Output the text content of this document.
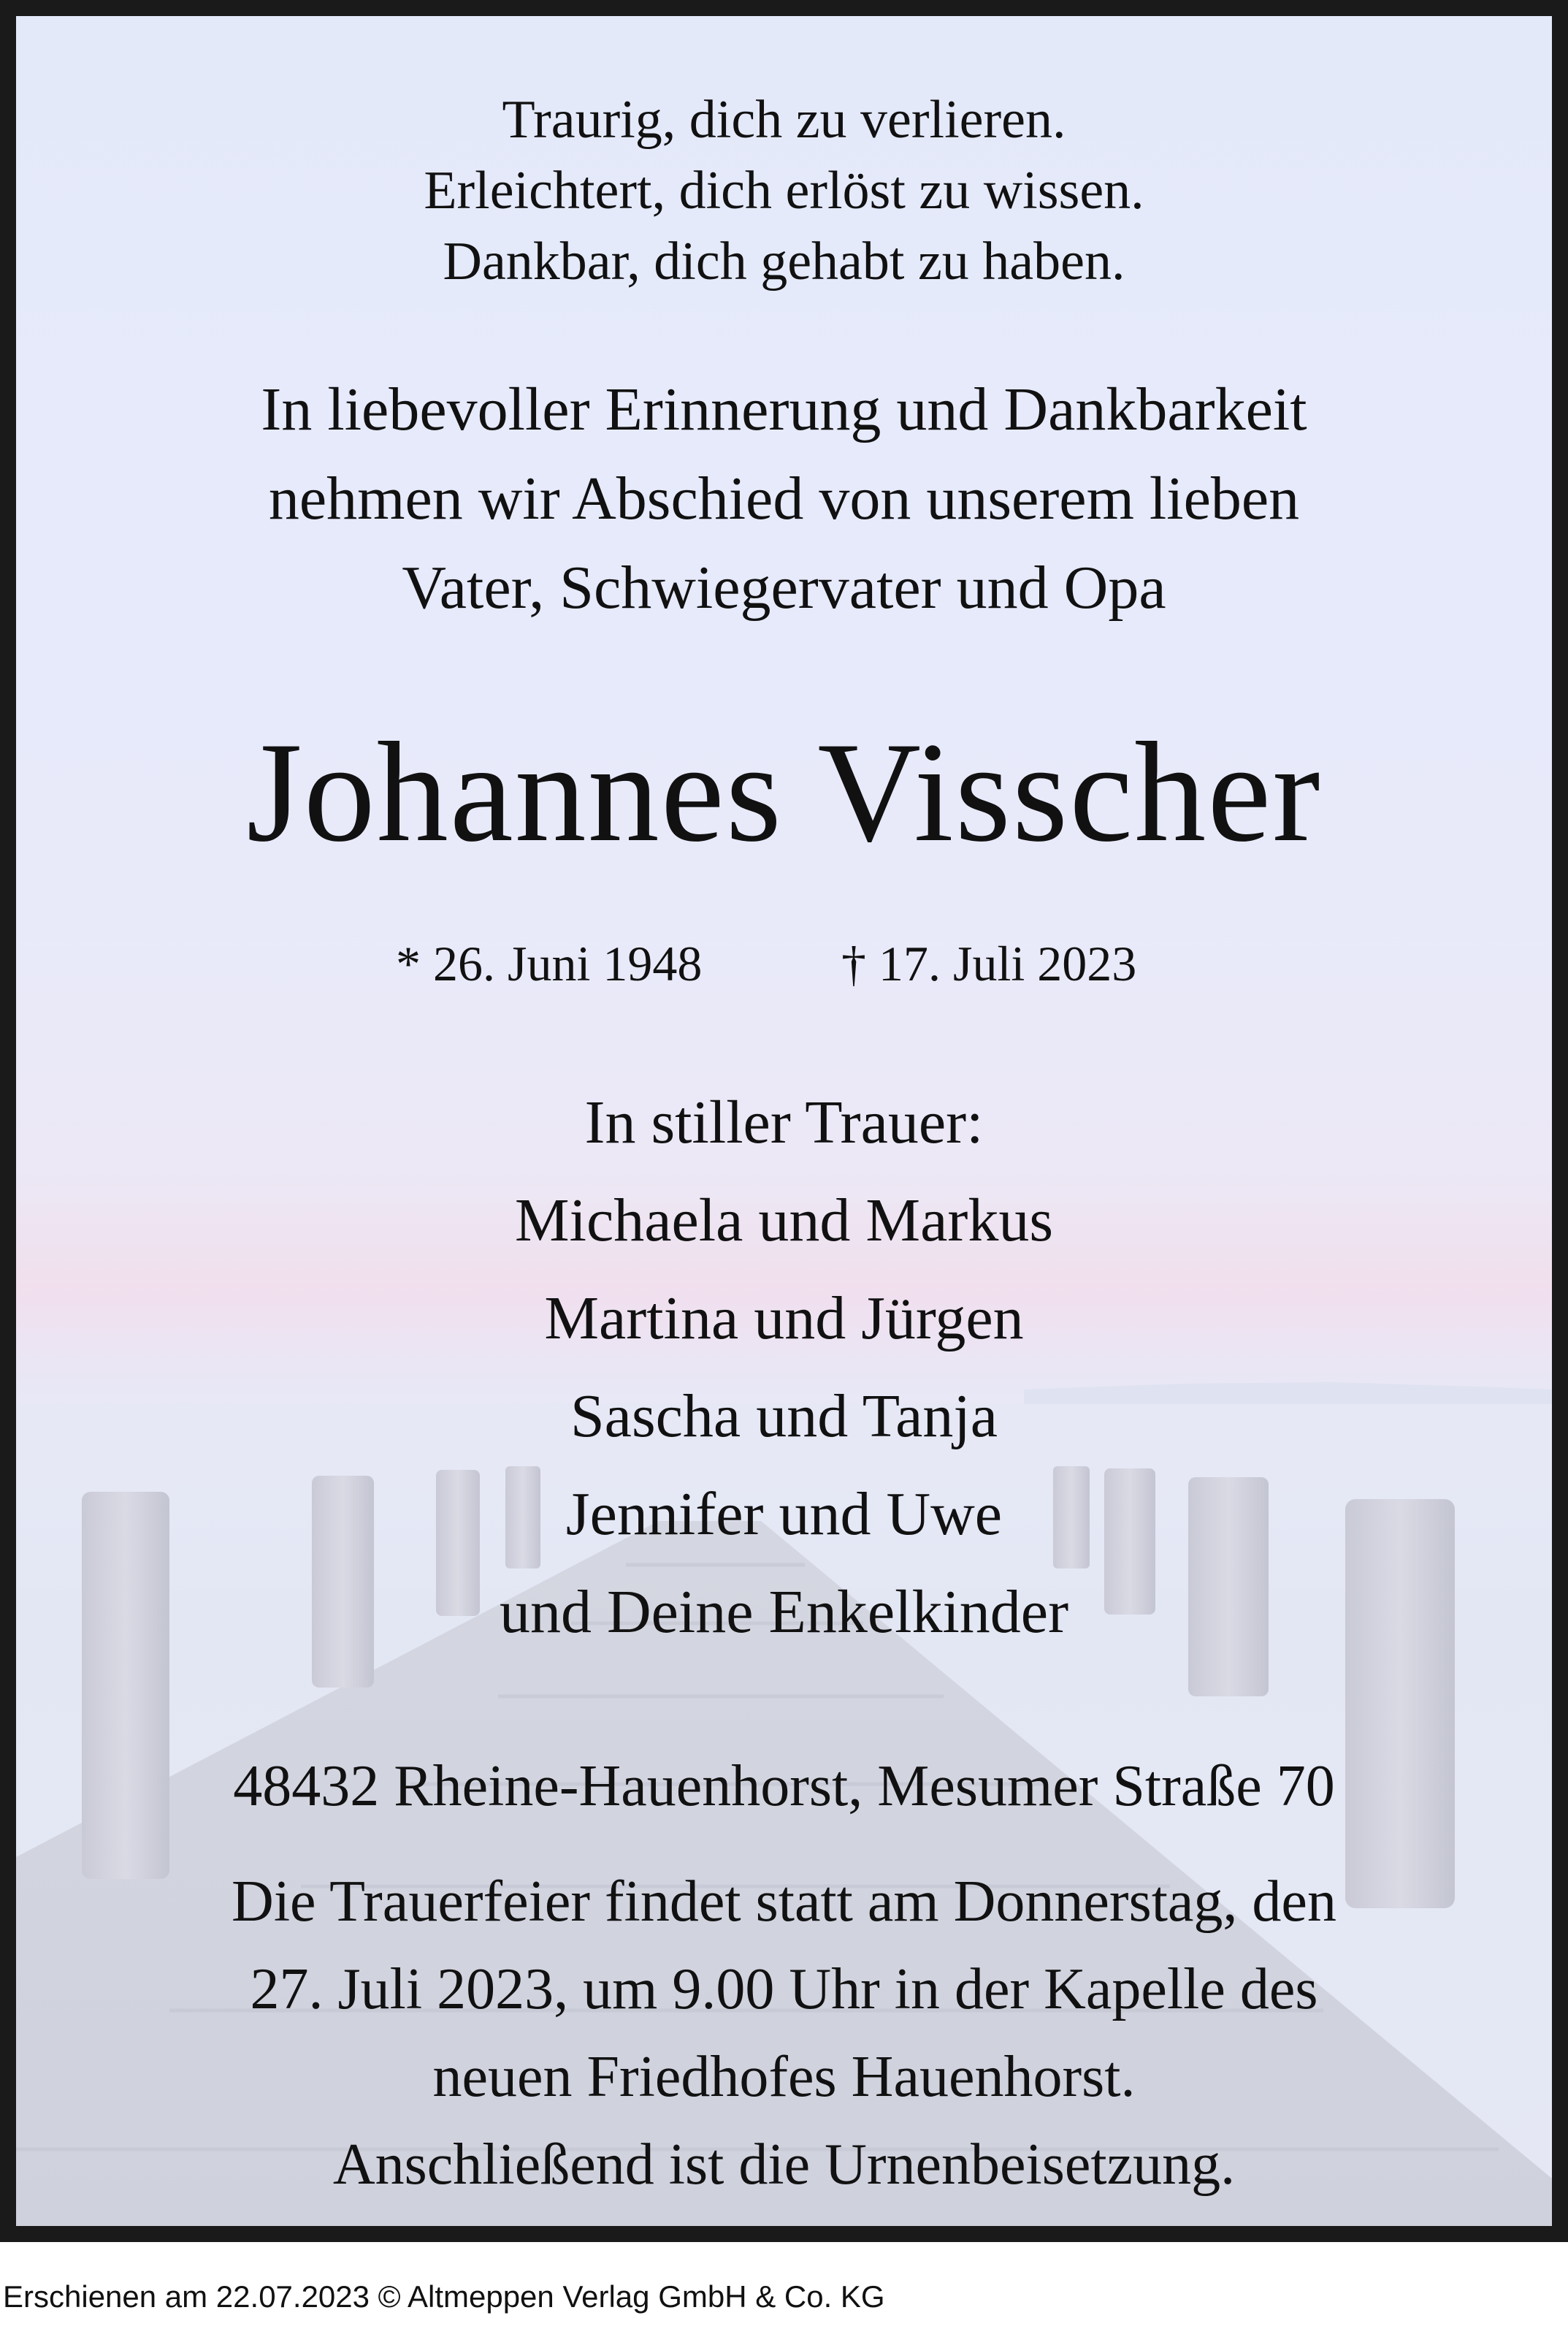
Traurig, dich zu verlieren.
Erleichtert, dich erlöst zu wissen.
Dankbar, dich gehabt zu haben.
In liebevoller Erinnerung und Dankbarkeit
nehmen wir Abschied von unserem lieben
Vater, Schwiegervater und Opa
Johannes Visscher
* 26. Juni 1948	† 17. Juli 2023
In stiller Trauer:
Michaela und Markus
Martina und Jürgen
Sascha und Tanja
Jennifer und Uwe
und Deine Enkelkinder
48432 Rheine-Hauenhorst, Mesumer Straße 70
Die Trauerfeier findet statt am Donnerstag, den
27. Juli 2023, um 9.00 Uhr in der Kapelle des
neuen Friedhofes Hauenhorst.
Anschließend ist die Urnenbeisetzung.
Erschienen am 22.07.2023 © Altmeppen Verlag GmbH & Co. KG
